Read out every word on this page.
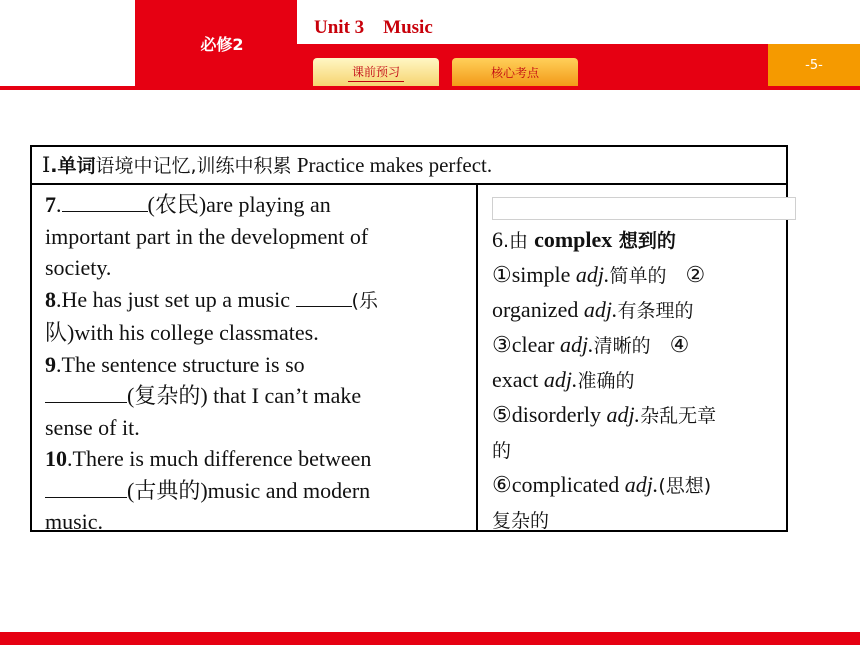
必修2
Unit 3　Music
课前预习	核心考点	-5-
Ⅰ.单词语境中记忆,训练中积累 Practice makes perfect.
7.	(农民)are playing an
important part in the development of
society.
8.He has just set up a music	(乐
队)with his college classmates.
9.The sentence structure is so
(复杂的) that I can’t make
sense of it.
10.There is much difference between
(古典的)music and modern
music.
6.由 complex 想到的
①simple adj.简单的　②
organized adj.有条理的
③clear adj.清晰的　④
exact adj.准确的
⑤disorderly adj.杂乱无章
的
⑥complicated adj.(思想)
复杂的
